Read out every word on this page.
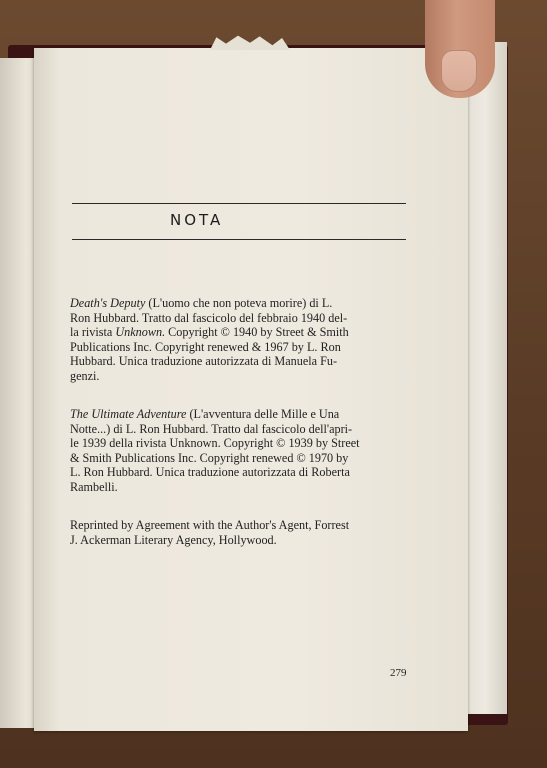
NOTA
Death's Deputy (L'uomo che non poteva morire) di L.
Ron Hubbard. Tratto dal fascicolo del febbraio 1940 del-
la rivista Unknown. Copyright © 1940 by Street & Smith
Publications Inc. Copyright renewed & 1967 by L. Ron
Hubbard. Unica traduzione autorizzata di Manuela Fu-
genzi.
The Ultimate Adventure (L'avventura delle Mille e Una
Notte...) di L. Ron Hubbard. Tratto dal fascicolo dell'apri-
le 1939 della rivista Unknown. Copyright © 1939 by Street
& Smith Publications Inc. Copyright renewed © 1970 by
L. Ron Hubbard. Unica traduzione autorizzata di Roberta
Rambelli.
Reprinted by Agreement with the Author's Agent, Forrest
J. Ackerman Literary Agency, Hollywood.
279
